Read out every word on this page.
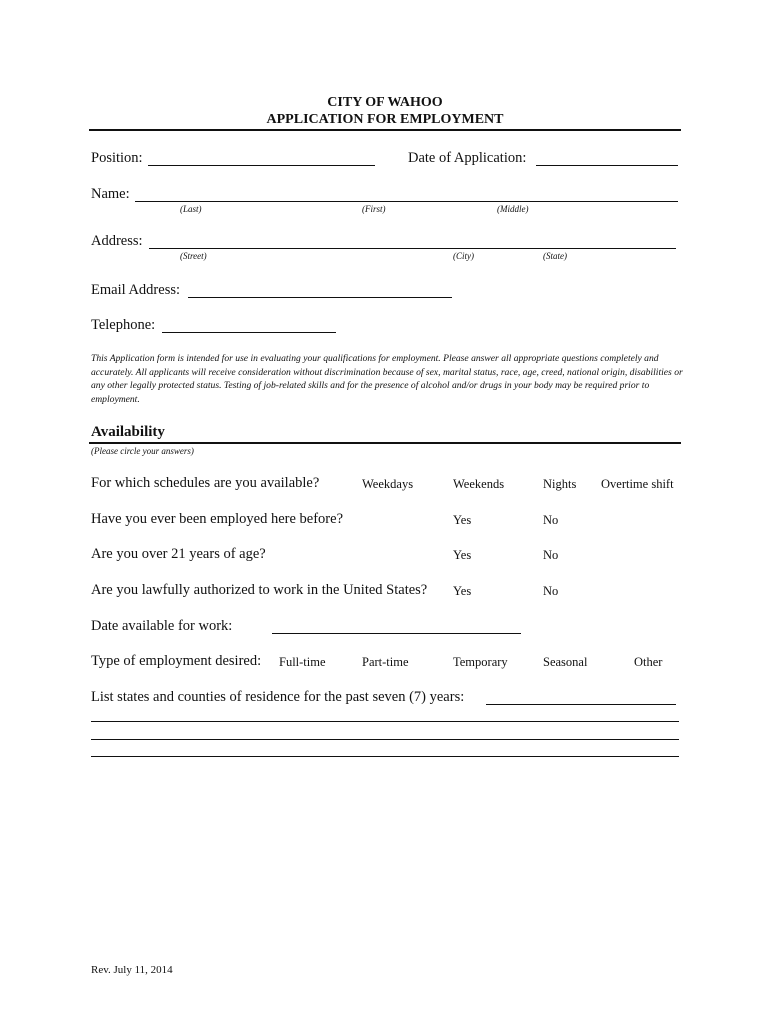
CITY OF WAHOO
APPLICATION FOR EMPLOYMENT
Position:	Date of Application:
Name:
(Last)	(First)	(Middle)
Address:
(Street)	(City)	(State)
Email Address:
Telephone:
This Application form is intended for use in evaluating your qualifications for employment. Please answer all appropriate questions completely and accurately. All applicants will receive consideration without discrimination because of sex, marital status, race, age, creed, national origin, disabilities or any other legally protected status. Testing of job-related skills and for the presence of alcohol and/or drugs in your body may be required prior to employment.
Availability
(Please circle your answers)
For which schedules are you available?	Weekdays	Weekends	Nights Overtime shift
Have you ever been employed here before?	Yes	No
Are you over 21 years of age?	Yes	No
Are you lawfully authorized to work in the United States? Yes	No
Date available for work:
Type of employment desired: Full-time	Part-time	Temporary	Seasonal	Other
List states and counties of residence for the past seven (7) years:
Rev. July 11, 2014
